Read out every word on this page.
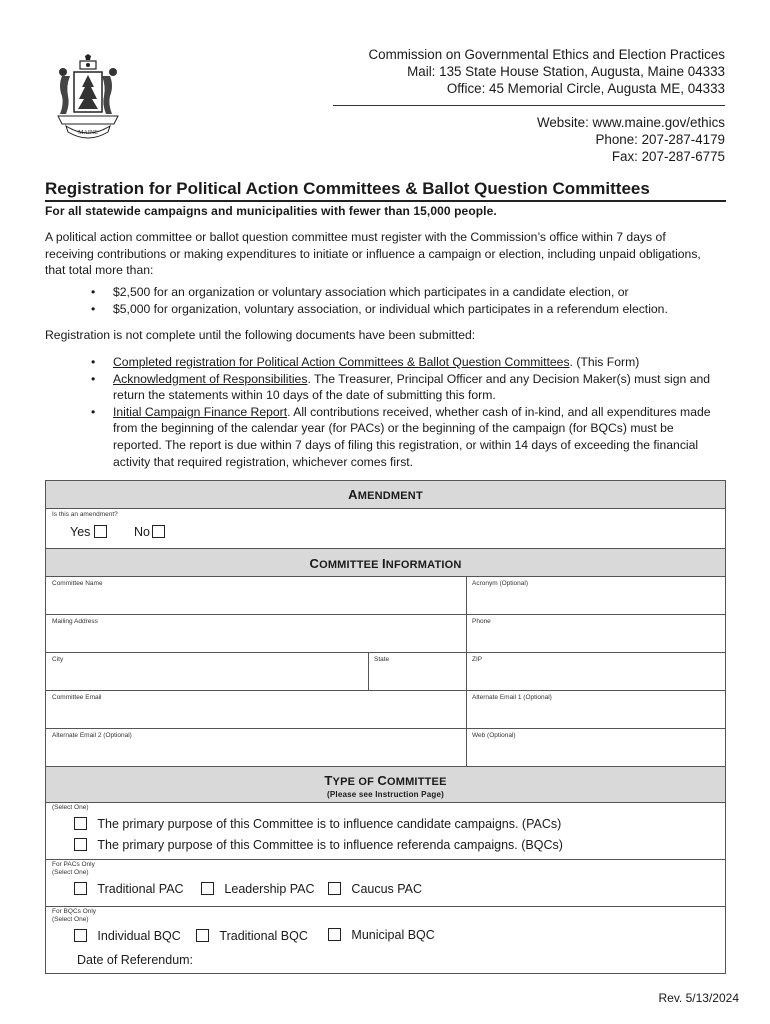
MAINE
Commission on Governmental Ethics and Election Practices
Mail: 135 State House Station, Augusta, Maine 04333
Office: 45 Memorial Circle, Augusta ME, 04333
Website: www.maine.gov/ethics
Phone: 207-287-4179
Fax: 207-287-6775
Registration for Political Action Committees & Ballot Question Committees
For all statewide campaigns and municipalities with fewer than 15,000 people.
A political action committee or ballot question committee must register with the Commission’s office within 7 days of receiving contributions or making expenditures to initiate or influence a campaign or election, including unpaid obligations, that total more than:
• $2,500 for an organization or voluntary association which participates in a candidate election, or
• $5,000 for organization, voluntary association, or individual which participates in a referendum election.
Registration is not complete until the following documents have been submitted:
• Completed registration for Political Action Committees & Ballot Question Committees. (This Form)
• Acknowledgment of Responsibilities. The Treasurer, Principal Officer and any Decision Maker(s) must sign and return the statements within 10 days of the date of submitting this form.
• Initial Campaign Finance Report. All contributions received, whether cash of in-kind, and all expenditures made from the beginning of the calendar year (for PACs) or the beginning of the campaign (for BQCs) must be reported. The report is due within 7 days of filing this registration, or within 14 days of exceeding the financial activity that required registration, whichever comes first.
AMENDMENT
Is this an amendment?
Yes	No
COMMITTEE INFORMATION
Committee Name	Acronym (Optional)
Mailing Address	Phone
City	State	ZIP
Committee Email	Alternate Email 1 (Optional)
Alternate Email 2 (Optional)	Web (Optional)
TYPE OF COMMITTEE
(Please see Instruction Page)
(Select One)
The primary purpose of this Committee is to influence candidate campaigns. (PACs)
The primary purpose of this Committee is to influence referenda campaigns. (BQCs)
For PACs Only
(Select One)
Traditional PAC	Leadership PAC	Caucus PAC
For BQCs Only
(Select One)
Individual BQC	Traditional BQC	Municipal BQC
Date of Referendum:
Rev. 5/13/2024
